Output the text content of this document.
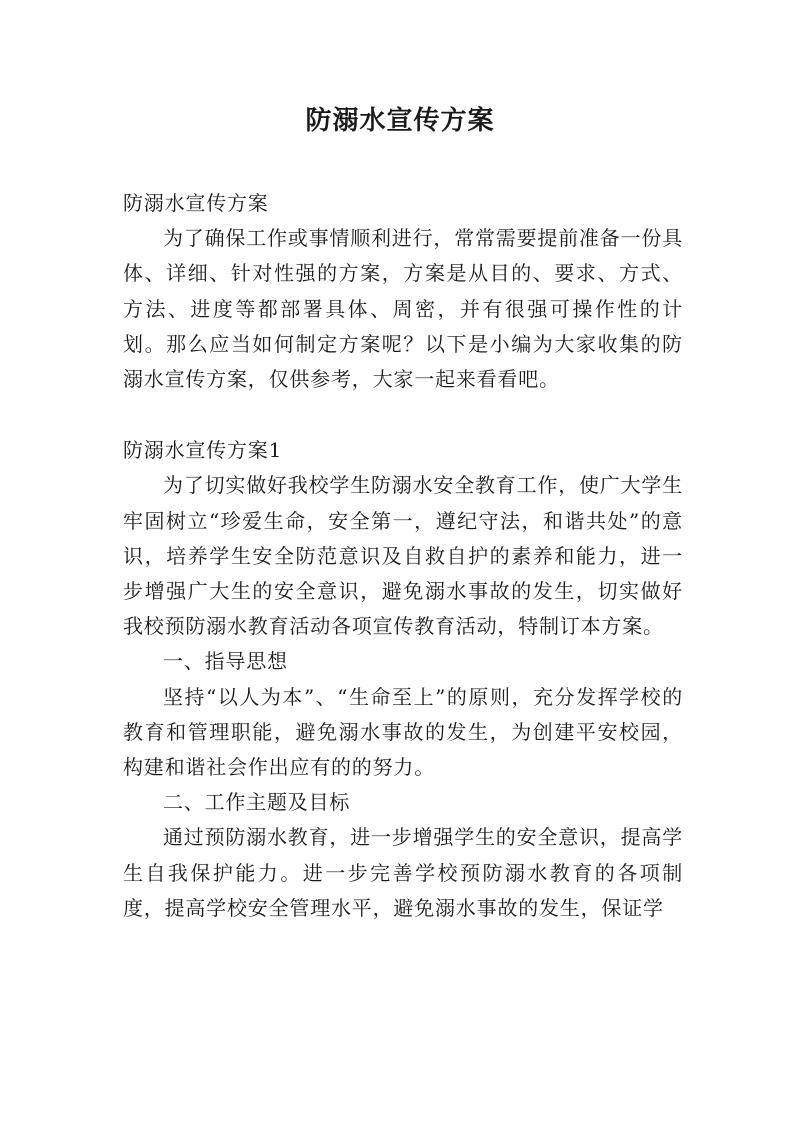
防溺水宣传方案

防溺水宣传方案

为了确保工作或事情顺利进行，常常需要提前准备一份具体、详细、针对性强的方案，方案是从目的、要求、方式、方法、进度等都部署具体、周密，并有很强可操作性的计划。那么应当如何制定方案呢？以下是小编为大家收集的防溺水宣传方案，仅供参考，大家一起来看看吧。

防溺水宣传方案1

为了切实做好我校学生防溺水安全教育工作，使广大学生牢固树立“珍爱生命，安全第一，遵纪守法，和谐共处”的意识，培养学生安全防范意识及自救自护的素养和能力，进一步增强广大生的安全意识，避免溺水事故的发生，切实做好我校预防溺水教育活动各项宣传教育活动，特制订本方案。

一、指导思想

坚持“以人为本”、“生命至上”的原则，充分发挥学校的教育和管理职能，避免溺水事故的发生，为创建平安校园，构建和谐社会作出应有的的努力。

二、工作主题及目标

通过预防溺水教育，进一步增强学生的安全意识，提高学生自我保护能力。进一步完善学校预防溺水教育的各项制度，提高学校安全管理水平，避免溺水事故的发生，保证学
